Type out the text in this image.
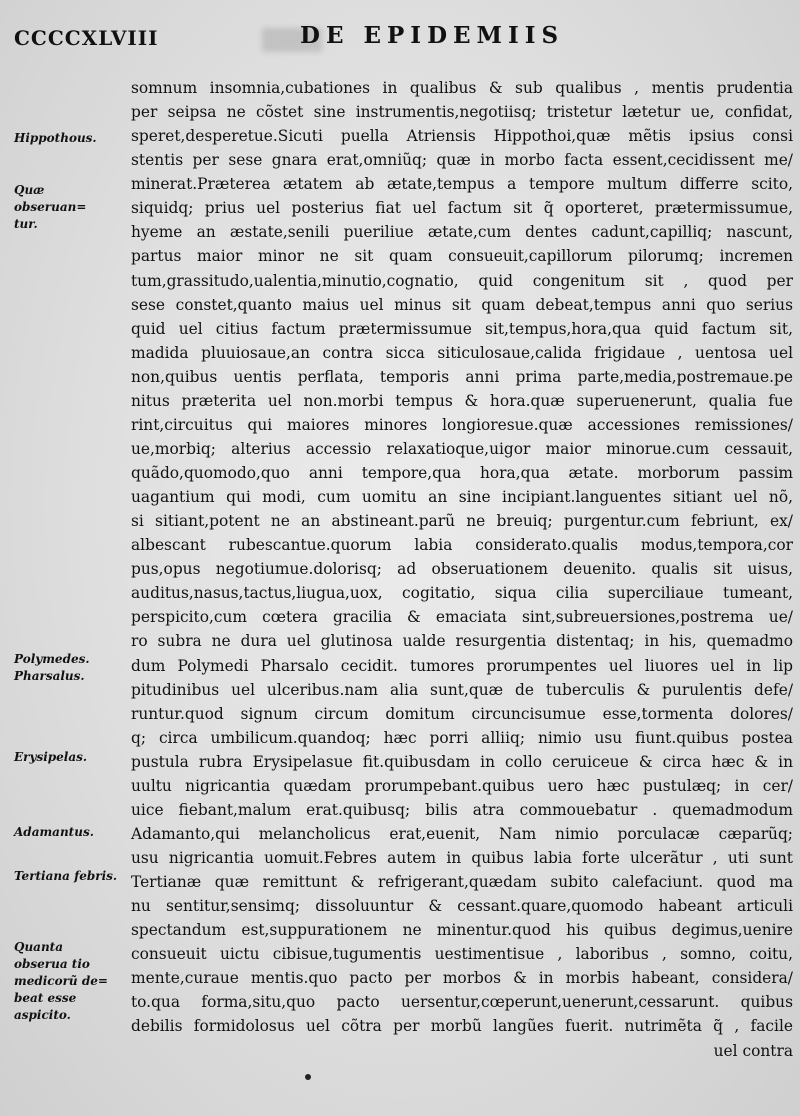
CCCCXLVIII	DE EPIDEMIIS
Hippothous.
Quæ obseruan= tur.
Polymedes. Pharsalus.
Erysipelas.
Adamantus.
Tertiana febris.
Quanta obserua tio medicorũ de= beat esse aspicito.
somnum insomnia,cubationes in qualibus & sub qualibus , mentis prudentia
per seipsa ne cõstet sine instrumentis,negotiisq; tristetur lætetur ue, confidat,
speret,desperetue.Sicuti puella Atriensis Hippothoi,quæ mẽtis ipsius consi
stentis per sese gnara erat,omniũq; quæ in morbo facta essent,cecidissent me/
minerat.Præterea ætatem ab ætate,tempus a tempore multum differre scito,
siquidq; prius uel posterius fiat uel factum sit q̃ oporteret, prætermissumue,
hyeme an æstate,senili pueriliue ætate,cum dentes cadunt,capilliq; nascunt,
partus maior minor ne sit quam consueuit,capillorum pilorumq; incremen
tum,grassitudo,ualentia,minutio,cognatio, quid congenitum sit , quod per
sese constet,quanto maius uel minus sit quam debeat,tempus anni quo serius
quid uel citius factum prætermissumue sit,tempus,hora,qua quid factum sit,
madida pluuiosaue,an contra sicca siticulosaue,calida frigidaue , uentosa uel
non,quibus uentis perflata, temporis anni prima parte,media,postremaue.pe
nitus præterita uel non.morbi tempus & hora.quæ superuenerunt, qualia fue
rint,circuitus qui maiores minores longioresue.quæ accessiones remissiones/
ue,morbiq; alterius accessio relaxatioque,uigor maior minorue.cum cessauit,
quãdo,quomodo,quo anni tempore,qua hora,qua ætate. morborum passim
uagantium qui modi, cum uomitu an sine incipiant.languentes sitiant uel nõ,
si sitiant,potent ne an abstineant.parũ ne breuiq; purgentur.cum febriunt, ex/
albescant rubescantue.quorum labia considerato.qualis modus,tempora,cor
pus,opus negotiumue.dolorisq; ad obseruationem deuenito. qualis sit uisus,
auditus,nasus,tactus,liugua,uox, cogitatio, siqua cilia superciliaue tumeant,
perspicito,cum cœtera gracilia & emaciata sint,subreuersiones,postrema ue/
ro subra ne dura uel glutinosa ualde resurgentia distentaq; in his, quemadmo
dum Polymedi Pharsalo cecidit. tumores prorumpentes uel liuores uel in lip
pitudinibus uel ulceribus.nam alia sunt,quæ de tuberculis & purulentis defe/
runtur.quod signum circum domitum circuncisumue esse,tormenta dolores/
q; circa umbilicum.quandoq; hæc porri alliiq; nimio usu fiunt.quibus postea
pustula rubra Erysipelasue fit.quibusdam in collo ceruiceue & circa hæc & in
uultu nigricantia quædam prorumpebant.quibus uero hæc pustulæq; in cer/
uice fiebant,malum erat.quibusq; bilis atra commouebatur . quemadmodum
Adamanto,qui melancholicus erat,euenit, Nam nimio porculacæ cæparũq;
usu nigricantia uomuit.Febres autem in quibus labia forte ulcerãtur , uti sunt
Tertianæ quæ remittunt & refrigerant,quædam subito calefaciunt. quod ma
nu sentitur,sensimq; dissoluuntur & cessant.quare,quomodo habeant articuli
spectandum est,suppurationem ne minentur.quod his quibus degimus,uenire
consueuit uictu cibisue,tugumentis uestimentisue , laboribus , somno, coitu,
mente,curaue mentis.quo pacto per morbos & in morbis habeant, considera/
to.qua forma,situ,quo pacto uersentur,cœperunt,uenerunt,cessarunt. quibus
debilis formidolosus uel cõtra per morbũ langũes fuerit. nutrimẽta q̃ , facile
uel contra
